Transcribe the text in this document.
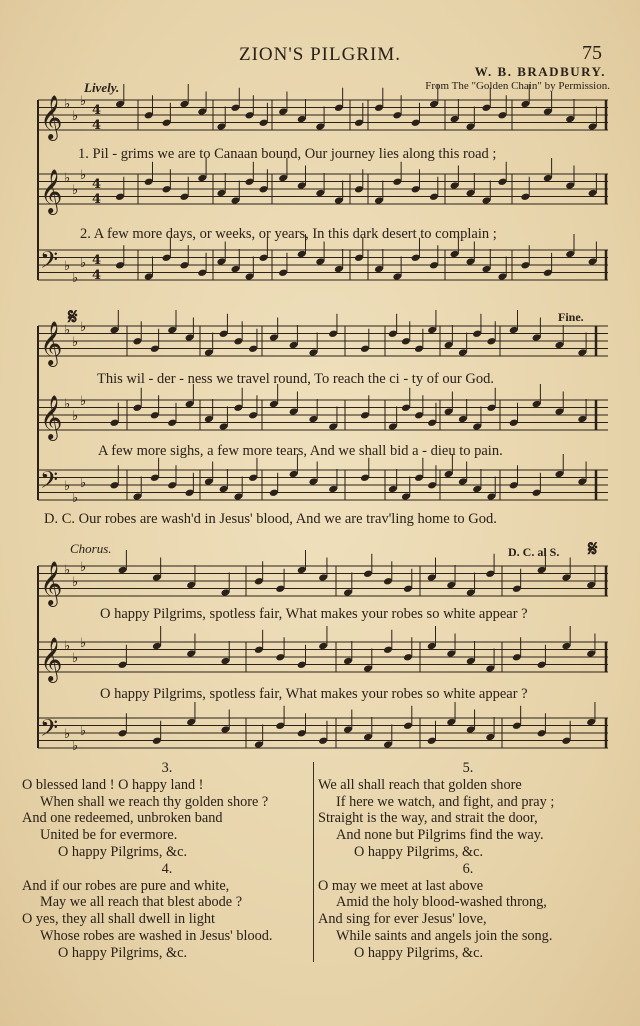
ZION'S PILGRIM.	75
W. B. BRADBURY.
From The "Golden Chain" by Permission.
Lively.
𝄞 ♭
♭
♭
4
4
𝄞 ♭
♭
♭
4
4
𝄢 ♭
♭
♭ 4
4
𝄞 ♭
♭
♭
𝄞 ♭
♭
♭
𝄢 ♭
♭
♭
𝄞 ♭
♭
♭
𝄞 ♭
♭
♭
𝄢 ♭
♭
♭
𝄋	Fine.
Chorus.	D. C. al S. 𝄋
1. Pil - grims we are to Canaan bound, Our journey lies along this road ;
2. A few more days, or weeks, or years, In this dark desert to complain ;
This wil - der - ness we travel round, To reach the ci - ty of our God.
A few more sighs, a few more tears, And we shall bid a - dieu to pain.
D. C. Our robes are wash'd in Jesus' blood, And we are trav'ling home to God.
O happy Pilgrims, spotless fair, What makes your robes so white appear ?
O happy Pilgrims, spotless fair, What makes your robes so white appear ?
3.
O blessed land ! O happy land !
When shall we reach thy golden shore ?
And one redeemed, unbroken band
United be for evermore.
O happy Pilgrims, &c.
4.
And if our robes are pure and white,
May we all reach that blest abode ?
O yes, they all shall dwell in light
Whose robes are washed in Jesus' blood.
O happy Pilgrims, &c.
5.
We all shall reach that golden shore
If here we watch, and fight, and pray ;
Straight is the way, and strait the door,
And none but Pilgrims find the way.
O happy Pilgrims, &c.
6.
O may we meet at last above
Amid the holy blood-washed throng,
And sing for ever Jesus' love,
While saints and angels join the song.
O happy Pilgrims, &c.
